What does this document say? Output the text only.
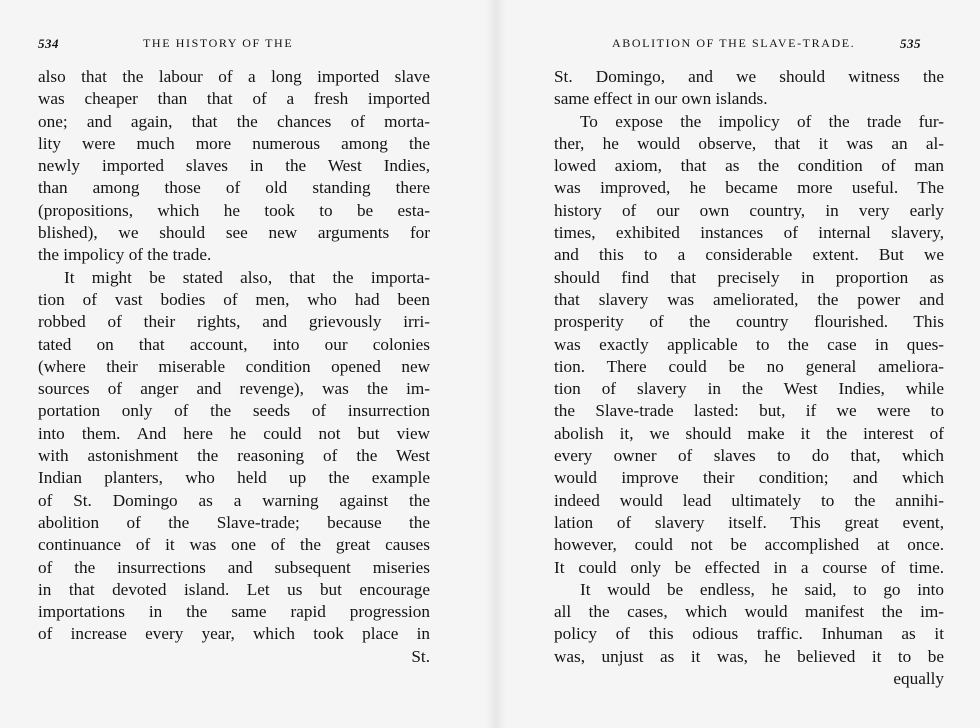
534	THE HISTORY OF THE
also that the labour of a long imported slave
was cheaper than that of a fresh imported
one; and again, that the chances of morta-
lity were much more numerous among the
newly imported slaves in the West Indies,
than among those of old standing there
(propositions, which he took to be esta-
blished), we should see new arguments for
the impolicy of the trade.
It might be stated also, that the importa-
tion of vast bodies of men, who had been
robbed of their rights, and grievously irri-
tated on that account, into our colonies
(where their miserable condition opened new
sources of anger and revenge), was the im-
portation only of the seeds of insurrection
into them. And here he could not but view
with astonishment the reasoning of the West
Indian planters, who held up the example
of St. Domingo as a warning against the
abolition of the Slave-trade; because the
continuance of it was one of the great causes
of the insurrections and subsequent miseries
in that devoted island. Let us but encourage
importations in the same rapid progression
of increase every year, which took place in
St.
ABOLITION OF THE SLAVE-TRADE.	535
St. Domingo, and we should witness the
same effect in our own islands.
To expose the impolicy of the trade fur-
ther, he would observe, that it was an al-
lowed axiom, that as the condition of man
was improved, he became more useful. The
history of our own country, in very early
times, exhibited instances of internal slavery,
and this to a considerable extent. But we
should find that precisely in proportion as
that slavery was ameliorated, the power and
prosperity of the country flourished. This
was exactly applicable to the case in ques-
tion. There could be no general ameliora-
tion of slavery in the West Indies, while
the Slave-trade lasted: but, if we were to
abolish it, we should make it the interest of
every owner of slaves to do that, which
would improve their condition; and which
indeed would lead ultimately to the annihi-
lation of slavery itself. This great event,
however, could not be accomplished at once.
It could only be effected in a course of time.
It would be endless, he said, to go into
all the cases, which would manifest the im-
policy of this odious traffic. Inhuman as it
was, unjust as it was, he believed it to be
equally
